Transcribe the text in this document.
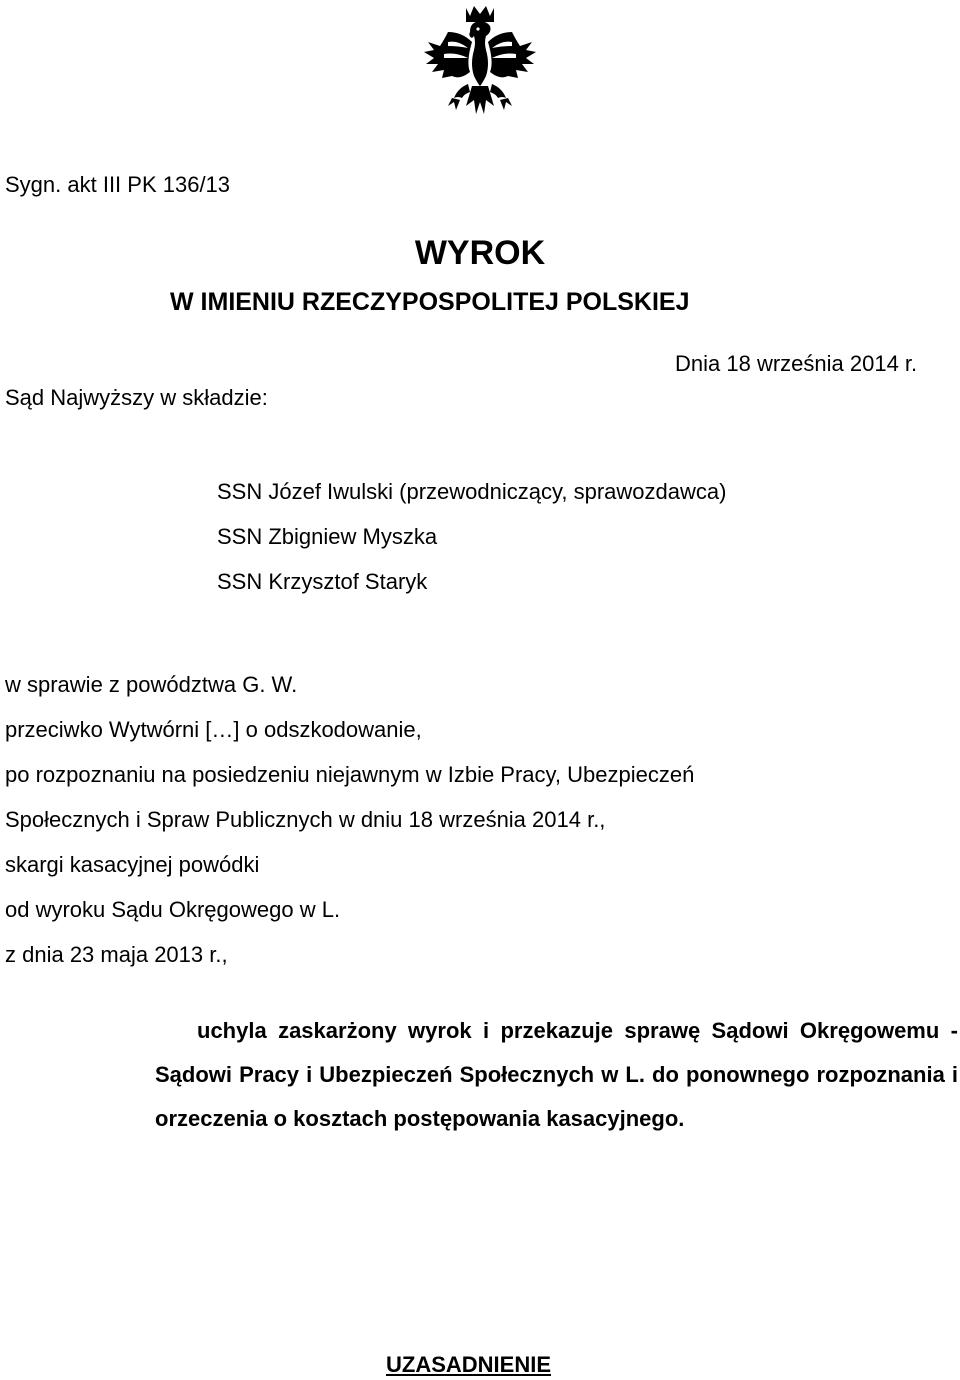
Sygn. akt III PK 136/13
WYROK
W IMIENIU RZECZYPOSPOLITEJ POLSKIEJ
Dnia 18 września 2014 r.
Sąd Najwyższy w składzie:
SSN Józef Iwulski (przewodniczący, sprawozdawca)
SSN Zbigniew Myszka
SSN Krzysztof Staryk
w sprawie z powództwa G. W.
przeciwko Wytwórni […] o odszkodowanie,
po rozpoznaniu na posiedzeniu niejawnym w Izbie Pracy, Ubezpieczeń
Społecznych i Spraw Publicznych w dniu 18 września 2014 r.,
skargi kasacyjnej powódki
od wyroku Sądu Okręgowego w L.
z dnia 23 maja 2013 r.,
uchyla zaskarżony wyrok i przekazuje sprawę Sądowi Okręgowemu - Sądowi Pracy i Ubezpieczeń Społecznych w L. do ponownego rozpoznania i orzeczenia o kosztach postępowania kasacyjnego.
UZASADNIENIE
